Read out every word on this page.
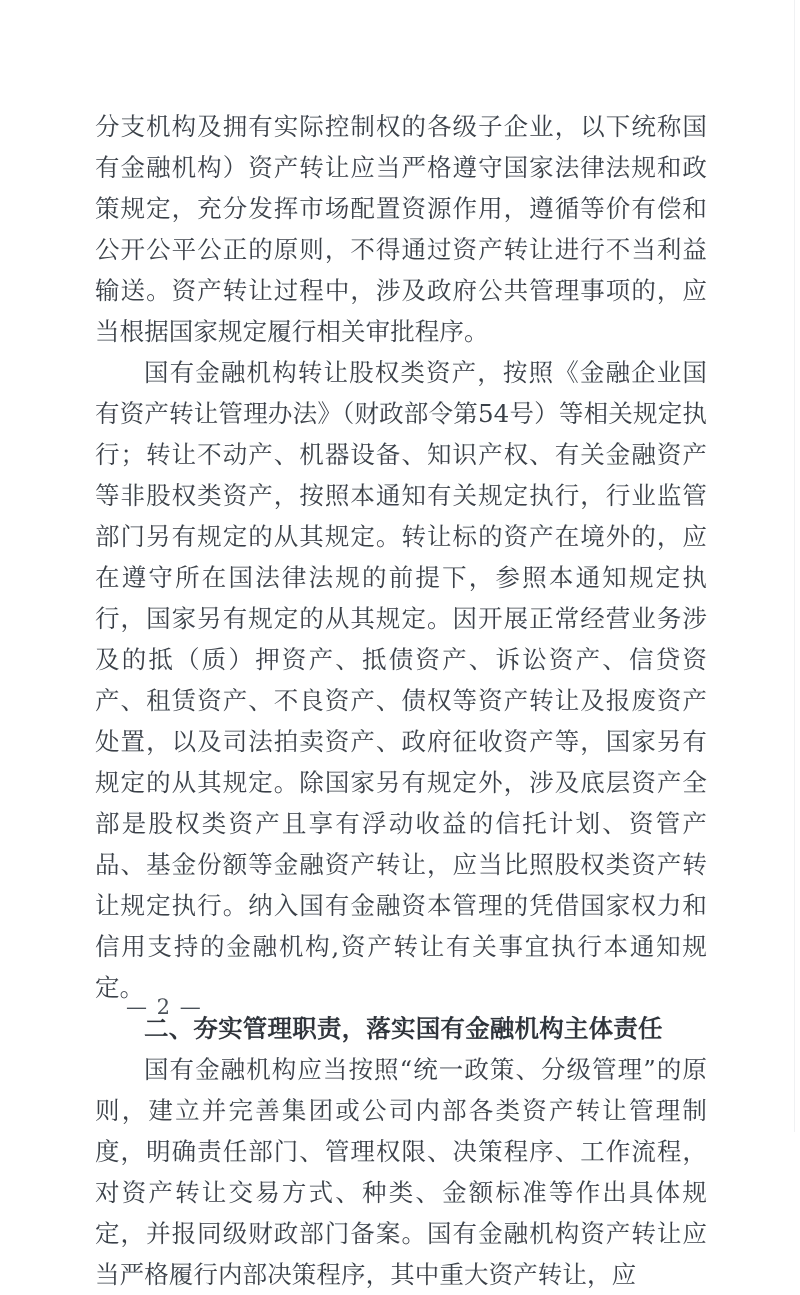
分支机构及拥有实际控制权的各级子企业，以下统称国有金融机构）资产转让应当严格遵守国家法律法规和政策规定，充分发挥市场配置资源作用，遵循等价有偿和公开公平公正的原则，不得通过资产转让进行不当利益输送。资产转让过程中，涉及政府公共管理事项的，应当根据国家规定履行相关审批程序。

国有金融机构转让股权类资产，按照《金融企业国有资产转让管理办法》（财政部令第54号）等相关规定执行；转让不动产、机器设备、知识产权、有关金融资产等非股权类资产，按照本通知有关规定执行，行业监管部门另有规定的从其规定。转让标的资产在境外的，应在遵守所在国法律法规的前提下，参照本通知规定执行，国家另有规定的从其规定。因开展正常经营业务涉及的抵（质）押资产、抵债资产、诉讼资产、信贷资产、租赁资产、不良资产、债权等资产转让及报废资产处置，以及司法拍卖资产、政府征收资产等，国家另有规定的从其规定。除国家另有规定外，涉及底层资产全部是股权类资产且享有浮动收益的信托计划、资管产品、基金份额等金融资产转让，应当比照股权类资产转让规定执行。纳入国有金融资本管理的凭借国家权力和信用支持的金融机构,资产转让有关事宜执行本通知规定。

二、夯实管理职责，落实国有金融机构主体责任

国有金融机构应当按照“统一政策、分级管理”的原则，建立并完善集团或公司内部各类资产转让管理制度，明确责任部门、管理权限、决策程序、工作流程，对资产转让交易方式、种类、金额标准等作出具体规定，并报同级财政部门备案。国有金融机构资产转让应当严格履行内部决策程序，其中重大资产转让，应

— 2 —
